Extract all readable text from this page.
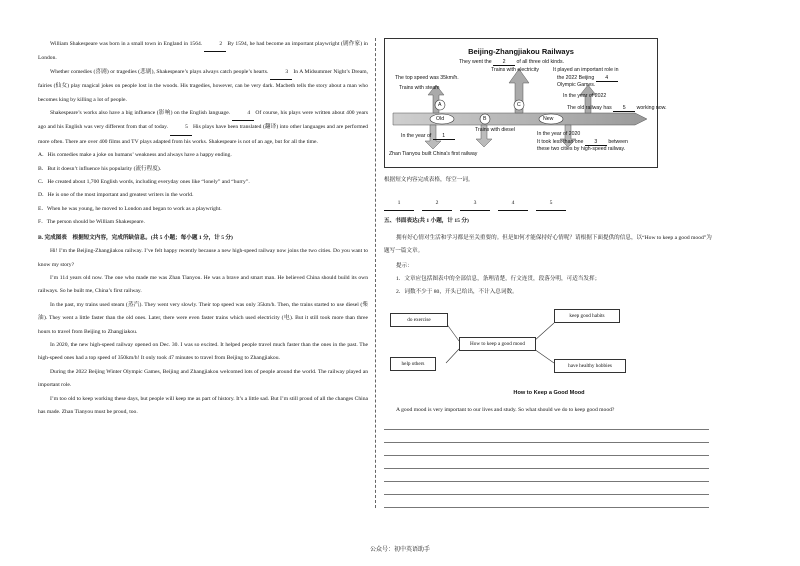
William Shakespeare was born in a small town in England in 1564.	2 By 1594, he had become an important playwright (剧作家) in London.

Whether comedies (喜剧) or tragedies (悲剧), Shakespeare’s plays always catch people’s hearts.	3 In A Midsummer Night’s Dream, fairies (仙女) play magical jokes on people lost in the woods. His tragedies, however, can be very dark. Macbeth tells the story about a man who becomes king by killing a lot of people.

Shakespeare’s works also have a big influence (影响) on the English language.	4 Of course, his plays were written about 400 years ago and his English was very different from that of today.	5 His plays have been translated (翻译) into other languages and are performed more often. There are over 400 films and TV plays adapted from his works. Shakespeare is not of an age, but for all the time.

A．His comedies make a joke on humans’ weakness and always have a happy ending.

B．But it doesn’t influence his popularity (流行程度).

C．He created about 1,700 English words, including everyday ones like “lonely” and “hurry”.

D．He is one of the most important and greatest writers in the world.

E．When he was young, he moved to London and began to work as a playwright.

F．The person should be William Shakespeare.

B. 完成图表　根据短文内容，完成所缺信息。(共 5 小题；每小题 1 分，计 5 分)

Hi! I’m the Beijing-Zhangjiakou railway. I’ve felt happy recently because a new high-speed railway now joins the two cities. Do you want to know my story?

I’m 114 years old now. The one who made me was Zhan Tianyou. He was a brave and smart man. He believed China should build its own railways. So he built me, China’s first railway.

In the past, my trains used steam (蒸汽). They went very slowly. Their top speed was only 35km/h. Then, the trains started to use diesel (柴油). They went a little faster than the old ones. Later, there were even faster trains which used electricity (电). But it still took more than three hours to travel from Beijing to Zhangjiakou.

In 2020, the new high-speed railway opened on Dec. 30. I was so excited. It helped people travel much faster than the ones in the past. The high-speed ones had a top speed of 350km/h! It only took 47 minutes to travel from Beijing to Zhangjiakou.

During the 2022 Beijing Winter Olympic Games, Beijing and Zhangjiakou welcomed lots of people around the world. The railway played an important role.

I’m too old to keep working these days, but people will keep me as part of history. It’s a little sad. But I’m still proud of all the changes China has made. Zhan Tianyou must be proud, too.

Beijing-Zhangjiakou Railways
They went the 2 of all three old kinds.
Trains with electricity
The top speed was 35km/h.
Trains with steam
It played an important role in
the 2022 Beijing 4
Olympic Games.
In the year of 2022
Old	New
A
B
C	The old railway has 5 working now.
In the year of 1
Trains with diesel
In the year of 2020
It took less than one 3 between
these two cities by high-speed railway.
Zhan Tianyou built China's first railway
根据短文内容完成表格，每空一词。
1	2	3	4	5
五、书面表达(共 1 小题，计 15 分)
拥有好心情对生活和学习都是至关重要的。但是如何才能保持好心情呢？请根据下面提供的信息，以“How to keep a good mood”为题写一篇文章。
提示：
1．文章应包括图表中的全部信息，条理清楚，行文连贯，段落分明，可适当发挥；
2．词数不少于 80，开头已给出，不计入总词数。
do exercise
How to keep a good mood
keep good habits
help others	have healthy hobbies
How to Keep a Good Mood
A good mood is very important to our lives and study. So what should we do to keep good mood?
公众号：初中英语助手
